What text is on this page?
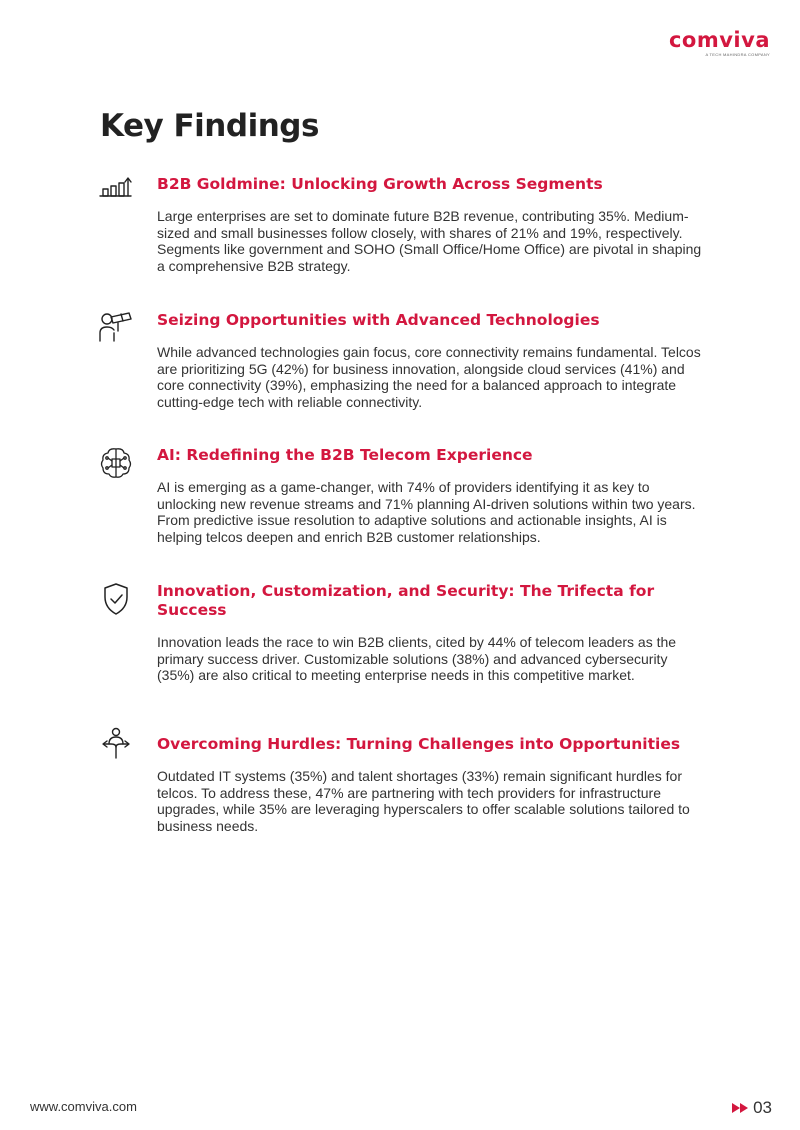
comviva
A TECH MAHINDRA COMPANY
Key Findings
B2B Goldmine: Unlocking Growth Across Segments

Large enterprises are set to dominate future B2B revenue, contributing 35%. Medium-sized and small businesses follow closely, with shares of 21% and 19%, respectively. Segments like government and SOHO (Small Office/Home Office) are pivotal in shaping a comprehensive B2B strategy.

Seizing Opportunities with Advanced Technologies

While advanced technologies gain focus, core connectivity remains fundamental. Telcos are prioritizing 5G (42%) for business innovation, alongside cloud services (41%) and core connectivity (39%), emphasizing the need for a balanced approach to integrate cutting-edge tech with reliable connectivity.

AI: Redefining the B2B Telecom Experience

AI is emerging as a game-changer, with 74% of providers identifying it as key to unlocking new revenue streams and 71% planning AI-driven solutions within two years. From predictive issue resolution to adaptive solutions and actionable insights, AI is helping telcos deepen and enrich B2B customer relationships.

Innovation, Customization, and Security: The Trifecta for Success

Innovation leads the race to win B2B clients, cited by 44% of telecom leaders as the primary success driver. Customizable solutions (38%) and advanced cybersecurity (35%) are also critical to meeting enterprise needs in this competitive market.

Overcoming Hurdles: Turning Challenges into Opportunities

Outdated IT systems (35%) and talent shortages (33%) remain significant hurdles for telcos. To address these, 47% are partnering with tech providers for infrastructure upgrades, while 35% are leveraging hyperscalers to offer scalable solutions tailored to business needs.

www.comviva.com	03
